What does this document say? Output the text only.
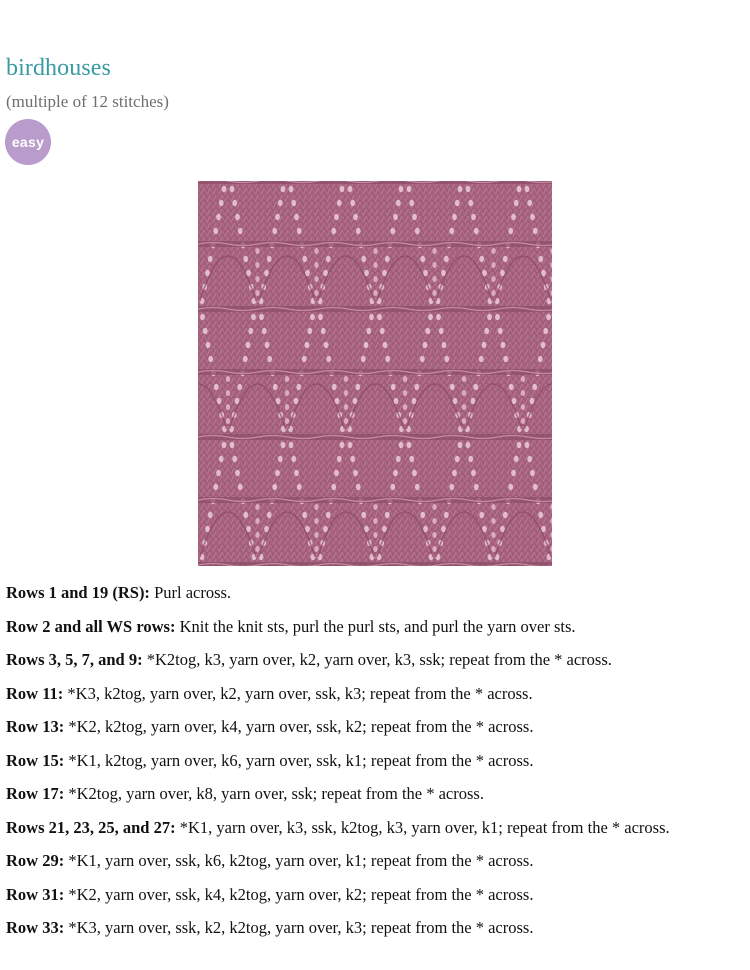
birdhouses
(multiple of 12 stitches)
easy
Rows 1 and 19 (RS): Purl across.
Row 2 and all WS rows: Knit the knit sts, purl the purl sts, and purl the yarn over sts.
Rows 3, 5, 7, and 9: *K2tog, k3, yarn over, k2, yarn over, k3, ssk; repeat from the * across.
Row 11: *K3, k2tog, yarn over, k2, yarn over, ssk, k3; repeat from the * across.
Row 13: *K2, k2tog, yarn over, k4, yarn over, ssk, k2; repeat from the * across.
Row 15: *K1, k2tog, yarn over, k6, yarn over, ssk, k1; repeat from the * across.
Row 17: *K2tog, yarn over, k8, yarn over, ssk; repeat from the * across.
Rows 21, 23, 25, and 27: *K1, yarn over, k3, ssk, k2tog, k3, yarn over, k1; repeat from the * across.
Row 29: *K1, yarn over, ssk, k6, k2tog, yarn over, k1; repeat from the * across.
Row 31: *K2, yarn over, ssk, k4, k2tog, yarn over, k2; repeat from the * across.
Row 33: *K3, yarn over, ssk, k2, k2tog, yarn over, k3; repeat from the * across.
